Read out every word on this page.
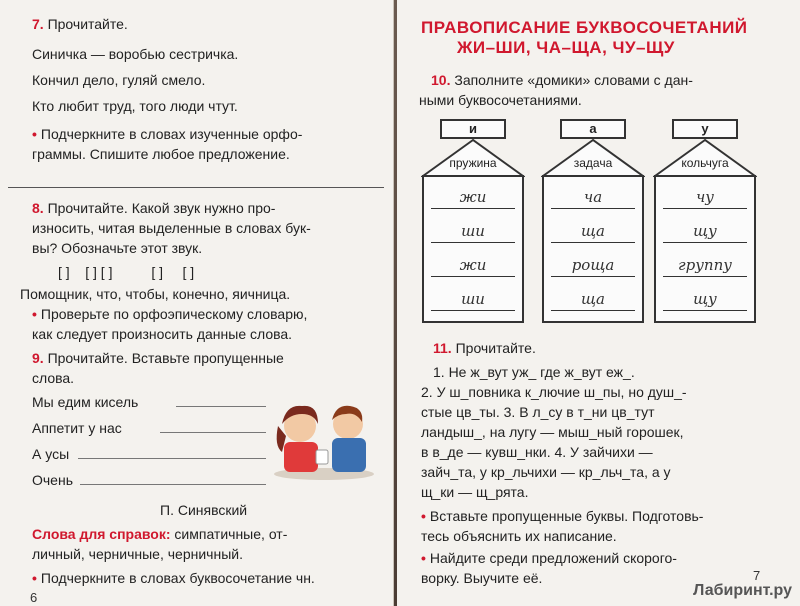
7. Прочитайте.
Синичка — воробью сестричка.
Кончил дело, гуляй смело.
Кто любит труд, того люди чтут.
• Подчеркните в словах изученные орфо-
граммы. Спишите любое предложение.
8. Прочитайте. Какой звук нужно про-
износить, читая выделенные в словах бук-
вы? Обозначьте этот звук.
[ ]    [ ] [ ]          [ ]     [ ]
Помощник, что, чтобы, конечно, яичница.
• Проверьте по орфоэпическому словарю,
как следует произносить данные слова.
9. Прочитайте. Вставьте пропущенные
слова.
Мы едим кисель
Аппетит у нас
А усы
Очень
П. Синявский
Слова для справок: симпатичные, от-
личный, черничные, черничный.
• Подчеркните в словах буквосочетание чн.
6
ПРАВОПИСАНИЕ БУКВОСОЧЕТАНИЙ
ЖИ–ШИ, ЧА–ЩА, ЧУ–ЩУ
10. Заполните «домики» словами с дан-
ными буквосочетаниями.
и
пружина
жи
ши
жи
ши
а
задача
ча
ща
роща
ща
у
кольчуга
чу
щу
группу
щу
11. Прочитайте.
1. Не ж_вут уж_ где ж_вут еж_.
2. У ш_повника к_лючие ш_пы, но душ_-
стые цв_ты. 3. В л_су в т_ни цв_тут
ландыш_, на лугу — мыш_ный горошек,
в в_де — кувш_нки. 4. У зайчихи —
зайч_та, у кр_льчихи — кр_льч_та, а у
щ_ки — щ_рята.
• Вставьте пропущенные буквы. Подготовь-
тесь объяснить их написание.
• Найдите среди предложений скорого-
ворку. Выучите её.	7
Лабиринт.ру
